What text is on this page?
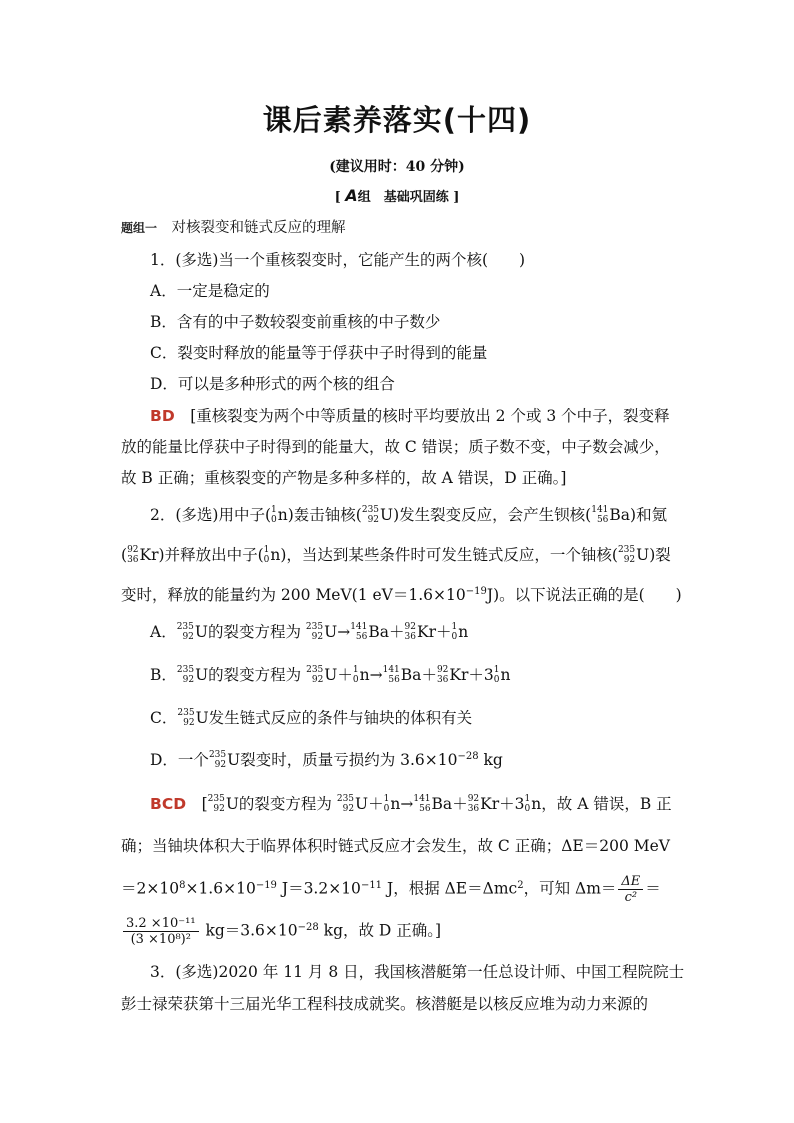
课后素养落实(十四)
(建议用时：40 分钟)
[ A组　基础巩固练 ]
题组一　 对核裂变和链式反应的理解
1．(多选)当一个重核裂变时，它能产生的两个核(　　)
A．一定是稳定的
B．含有的中子数较裂变前重核的中子数少
C．裂变时释放的能量等于俘获中子时得到的能量
D．可以是多种形式的两个核的组合
BD　 [重核裂变为两个中等质量的核时平均要放出 2 个或 3 个中子，裂变释
放的能量比俘获中子时得到的能量大，故 C 错误；质子数不变，中子数会减少，
故 B 正确；重核裂变的产物是多种多样的，故 A 错误，D 正确。]
2．(多选)用中子( 1
0 n)轰击铀核( 235
92 U)发生裂变反应，会产生钡核( 141
56 Ba)和氪
( 92
36 Kr)并释放出中子( 1
0 n)，当达到某些条件时可发生链式反应，一个铀核( 235
92 U)裂
变时，释放的能量约为 200 MeV(1 $eV=1.6\times 10^{-19}J$)。以下说法正确的是(　　)
A． 235
92 U的裂变方程为 235
92 U→ 141
56 Ba＋ 92
36 Kr＋ 1
0 n
B． 235
92 U的裂变方程为 235
92 U＋ 1
0 n→ 141
56 Ba＋ 92
36 Kr＋3 1
0 n
C． 235
92 U发生链式反应的条件与铀块的体积有关
D．一个 235
92 U裂变时，质量亏损约为 $3.6\times 10^{-28}$ kg
BCD　 [ 235
92 U的裂变方程为 235
92 U＋ 1
0 n→ 141
56 Ba＋ 92
36 Kr＋3 1
0 n，故 A 错误，B 正
确；当铀块体积大于临界体积时链式反应才会发生，故 C 正确；ΔE＝200 MeV
$=2\times 10^8\times 1.6\times 10^{-19}$ $J=3.2\times 10^{-11}$ J，根据 ΔE＝Δmc$^2$，可知 $\Delta m= \frac{\Delta E}{\text{c²}}$ ＝
$\frac{\text{3.2 ×10⁻¹¹}}{\text{(3 ×10⁸)²}} kg=3.6\times 10^{-28}$ kg，故 D 正确。]
3．(多选)2020 年 11 月 8 日，我国核潜艇第一任总设计师、中国工程院院士
彭士禄荣获第十三届光华工程科技成就奖。核潜艇是以核反应堆为动力来源的
